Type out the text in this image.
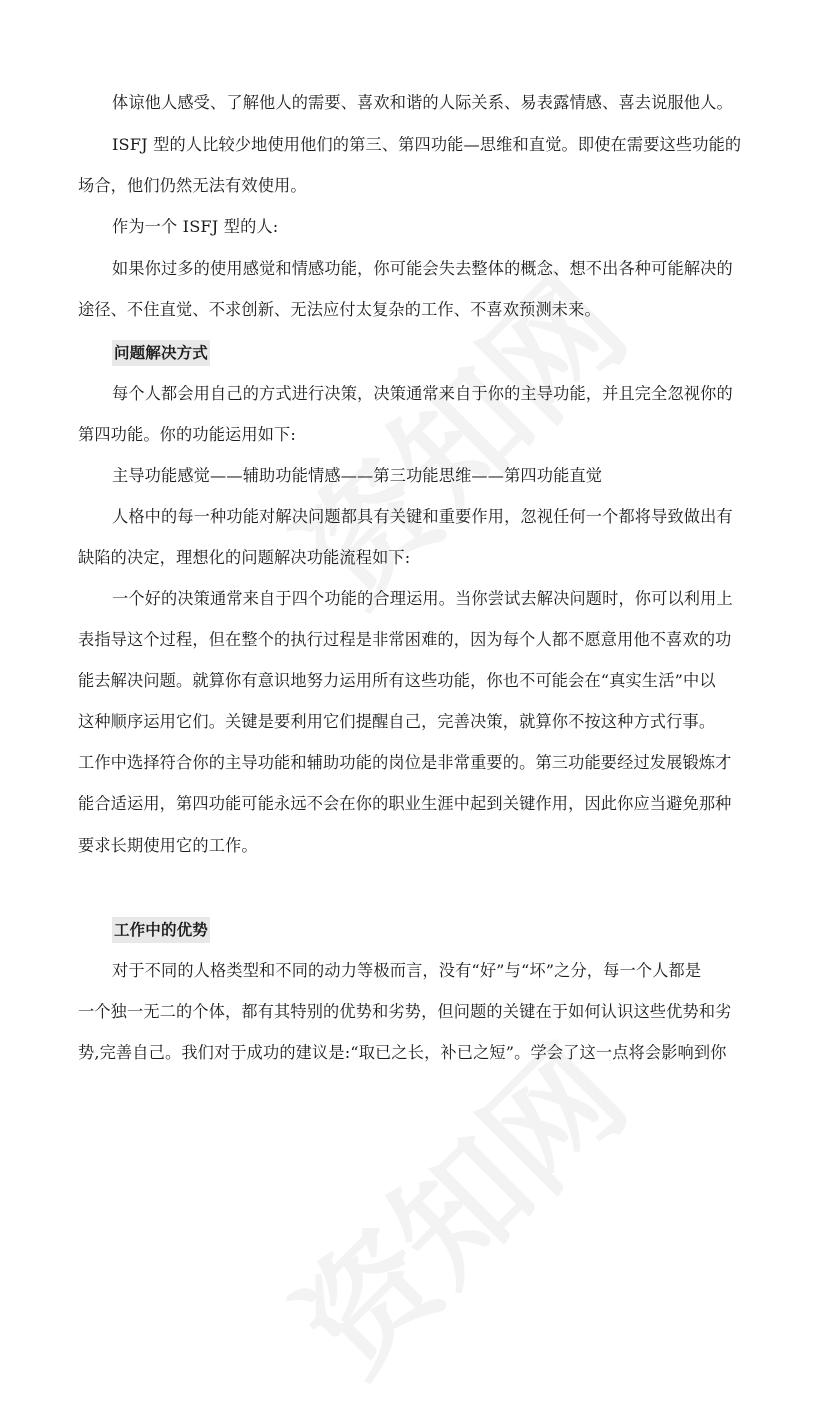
体谅他人感受、了解他人的需要、喜欢和谐的人际关系、易表露情感、喜去说服他人。
ISFJ 型的人比较少地使用他们的第三、第四功能—思维和直觉。即使在需要这些功能的
场合，他们仍然无法有效使用。
作为一个 ISFJ 型的人:
如果你过多的使用感觉和情感功能，你可能会失去整体的概念、想不出各种可能解决的
途径、不住直觉、不求创新、无法应付太复杂的工作、不喜欢预测未来。
问题解决方式
每个人都会用自己的方式进行决策，决策通常来自于你的主导功能，并且完全忽视你的
第四功能。你的功能运用如下:
主导功能感觉——辅助功能情感——第三功能思维——第四功能直觉
人格中的每一种功能对解决问题都具有关键和重要作用，忽视任何一个都将导致做出有
缺陷的决定，理想化的问题解决功能流程如下:
一个好的决策通常来自于四个功能的合理运用。当你尝试去解决问题时，你可以利用上
表指导这个过程，但在整个的执行过程是非常困难的，因为每个人都不愿意用他不喜欢的功
能去解决问题。就算你有意识地努力运用所有这些功能，你也不可能会在“真实生活”中以
这种顺序运用它们。关键是要利用它们提醒自己，完善决策，就算你不按这种方式行事。
工作中选择符合你的主导功能和辅助功能的岗位是非常重要的。第三功能要经过发展锻炼才
能合适运用，第四功能可能永远不会在你的职业生涯中起到关键作用，因此你应当避免那种
要求长期使用它的工作。
工作中的优势
对于不同的人格类型和不同的动力等极而言，没有“好”与“坏”之分，每一个人都是
一个独一无二的个体，都有其特别的优势和劣势，但问题的关键在于如何认识这些优势和劣
势,完善自己。我们对于成功的建议是:“取已之长，补已之短”。学会了这一点将会影响到你
